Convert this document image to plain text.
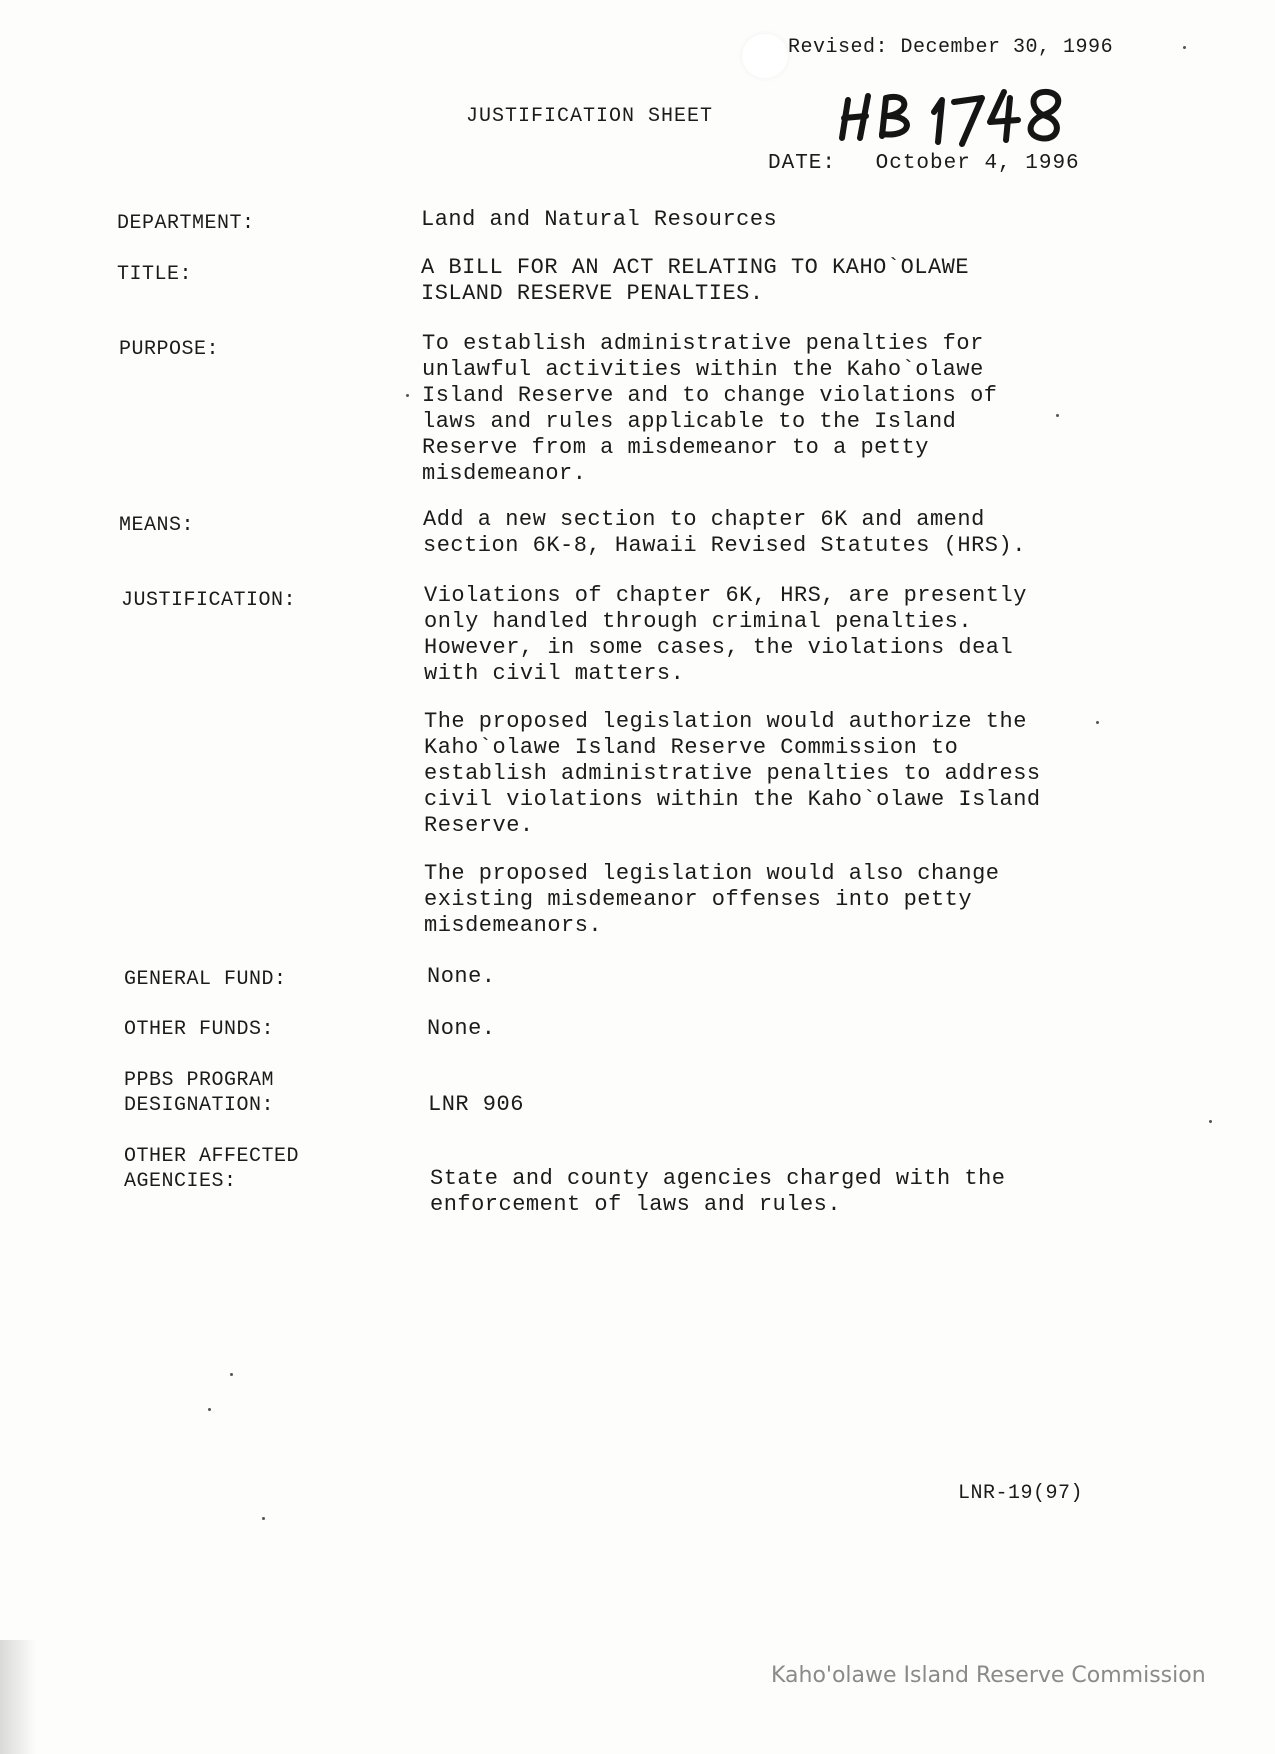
Revised: December 30, 1996
JUSTIFICATION SHEET
DATE: October 4, 1996
DEPARTMENT:	Land and Natural Resources
TITLE:	A BILL FOR AN ACT RELATING TO KAHO`OLAWE
ISLAND RESERVE PENALTIES.

PURPOSE:	To establish administrative penalties for
unlawful activities within the Kaho`olawe
Island Reserve and to change violations of
laws and rules applicable to the Island
Reserve from a misdemeanor to a petty
misdemeanor.

MEANS:	Add a new section to chapter 6K and amend
section 6K-8, Hawaii Revised Statutes (HRS).

JUSTIFICATION:	Violations of chapter 6K, HRS, are presently
only handled through criminal penalties.
However, in some cases, the violations deal
with civil matters.

The proposed legislation would authorize the
Kaho`olawe Island Reserve Commission to
establish administrative penalties to address
civil violations within the Kaho`olawe Island
Reserve.

The proposed legislation would also change
existing misdemeanor offenses into petty
misdemeanors.

GENERAL FUND:	None.
OTHER FUNDS:	None.
PPBS PROGRAM
DESIGNATION:	LNR 906
OTHER AFFECTED
AGENCIES:	State and county agencies charged with the
enforcement of laws and rules.

LNR-19(97)
Kaho'olawe Island Reserve Commission
